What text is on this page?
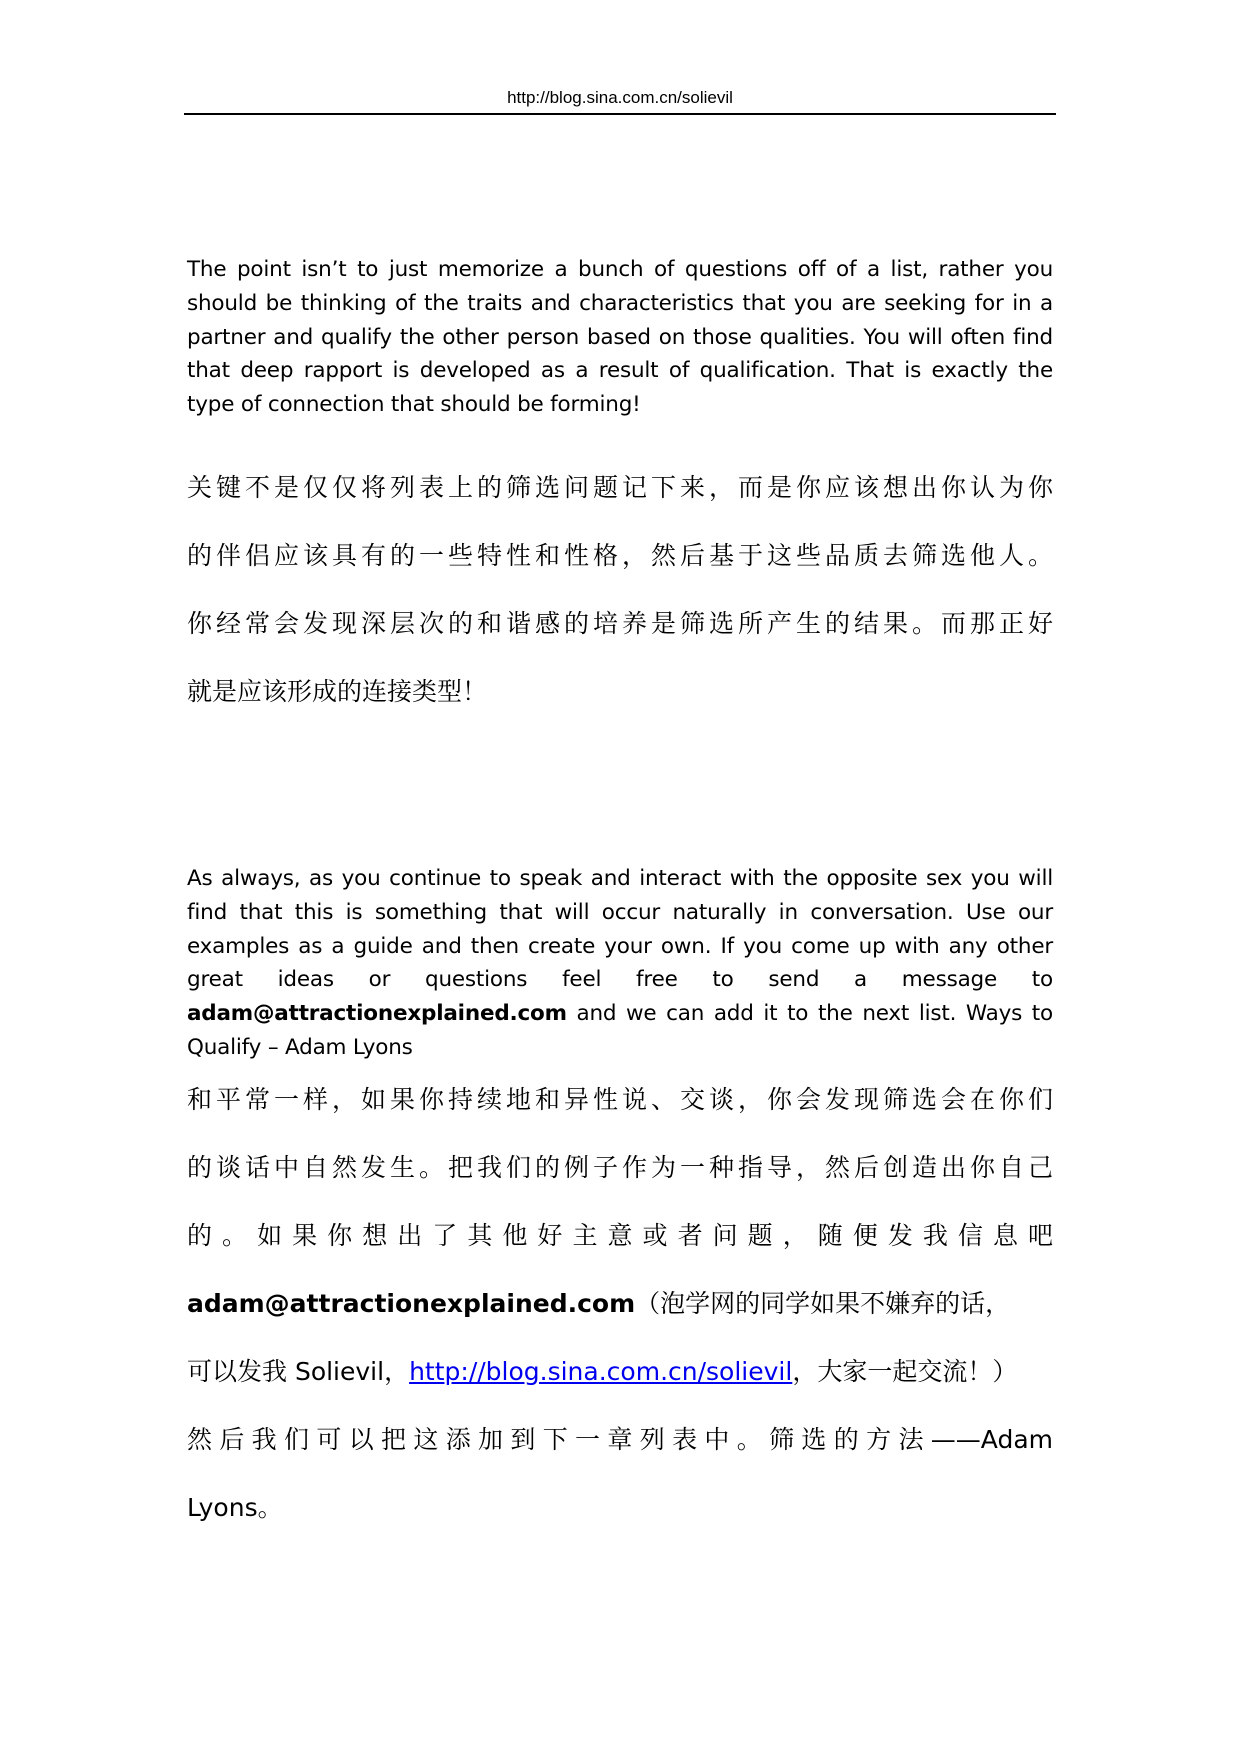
http://blog.sina.com.cn/solievil

The point isn’t to just memorize a bunch of questions off of a list, rather you should be thinking of the traits and characteristics that you are seeking for in a partner and qualify the other person based on those qualities. You will often find that deep rapport is developed as a result of qualification. That is exactly the type of connection that should be forming!

关键不是仅仅将列表上的筛选问题记下来，而是你应该想出你认为你
的伴侣应该具有的一些特性和性格，然后基于这些品质去筛选他人。
你经常会发现深层次的和谐感的培养是筛选所产生的结果。而那正好
就是应该形成的连接类型！

As always, as you continue to speak and interact with the opposite sex you will find that this is something that will occur naturally in conversation. Use our examples as a guide and then create your own. If you come up with any other great ideas or questions feel free to send a message to adam@attractionexplained.com and we can add it to the next list. Ways to Qualify – Adam Lyons

和平常一样，如果你持续地和异性说、交谈，你会发现筛选会在你们
的谈话中自然发生。把我们的例子作为一种指导，然后创造出你自己
的。如果你想出了其他好主意或者问题，随便发我信息吧
adam@attractionexplained.com（泡学网的同学如果不嫌弃的话，
可以发我 Solievil，http://blog.sina.com.cn/solievil，大家一起交流！）
然后我们可以把这添加到下一章列表中。筛选的方法——Adam
Lyons。
